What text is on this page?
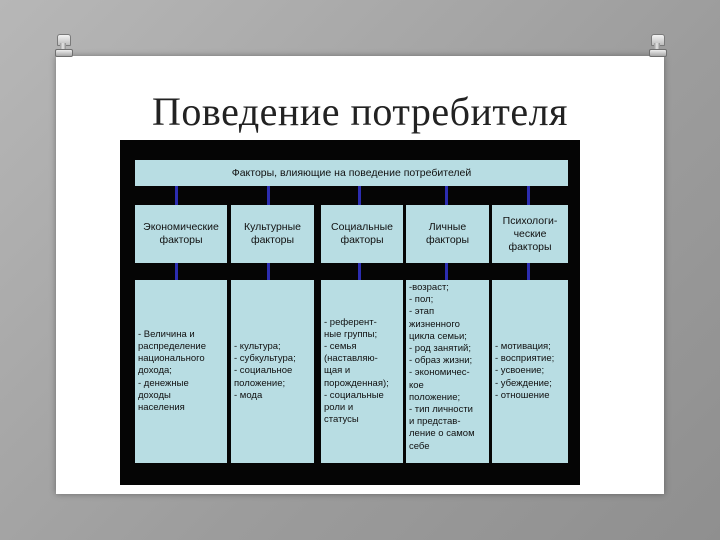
Поведение потребителя
Факторы, влияющие на поведение потребителей
Экономические
факторы
Культурные
факторы
Социальные
факторы
Личные
факторы
Психологи-
ческие
факторы
- Величина и
распределение
национального
дохода;
- денежные
доходы
населения
- культура;
- субкультура;
- социальное
положение;
- мода
- референт-
ные группы;
- семья
(наставляю-
щая и
порожденная);
- социальные
роли и
статусы
-возраст;
- пол;
- этап
жизненного
цикла семьи;
- род занятий;
- образ жизни;
- экономичес-
кое
положение;
- тип личности
и представ-
ление о самом
себе
- мотивация;
- восприятие;
- усвоение;
- убеждение;
- отношение
